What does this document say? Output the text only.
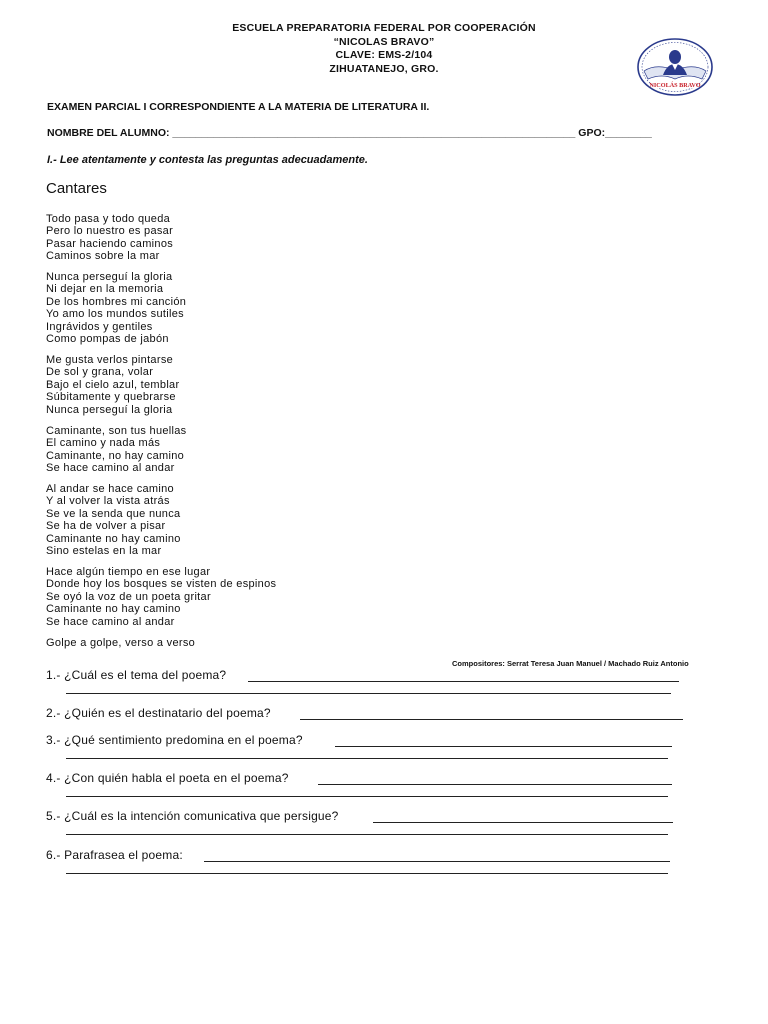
ESCUELA PREPARATORIA FEDERAL POR COOPERACIÓN
“NICOLAS BRAVO”
CLAVE: EMS-2/104
ZIHUATANEJO, GRO.
NICOLÁS BRAVO
EXAMEN PARCIAL I CORRESPONDIENTE A LA MATERIA DE LITERATURA II.
NOMBRE DEL ALUMNO: _____________________________________________________________________ GPO:________
I.- Lee atentamente y contesta las preguntas adecuadamente.
Cantares
Todo pasa y todo queda
Pero lo nuestro es pasar
Pasar haciendo caminos
Caminos sobre la mar
Nunca perseguí la gloria
Ni dejar en la memoria
De los hombres mi canción
Yo amo los mundos sutiles
Ingrávidos y gentiles
Como pompas de jabón
Me gusta verlos pintarse
De sol y grana, volar
Bajo el cielo azul, temblar
Súbitamente y quebrarse
Nunca perseguí la gloria
Caminante, son tus huellas
El camino y nada más
Caminante, no hay camino
Se hace camino al andar
Al andar se hace camino
Y al volver la vista atrás
Se ve la senda que nunca
Se ha de volver a pisar
Caminante no hay camino
Sino estelas en la mar
Hace algún tiempo en ese lugar
Donde hoy los bosques se visten de espinos
Se oyó la voz de un poeta gritar
Caminante no hay camino
Se hace camino al andar
Golpe a golpe, verso a verso
Compositores: Serrat Teresa Juan Manuel / Machado Ruiz Antonio
1.- ¿Cuál es el tema del poema?
2.- ¿Quién es el destinatario del poema?
3.- ¿Qué sentimiento predomina en el poema?
4.- ¿Con quién habla el poeta en el poema?
5.- ¿Cuál es la intención comunicativa que persigue?
6.- Parafrasea el poema:
